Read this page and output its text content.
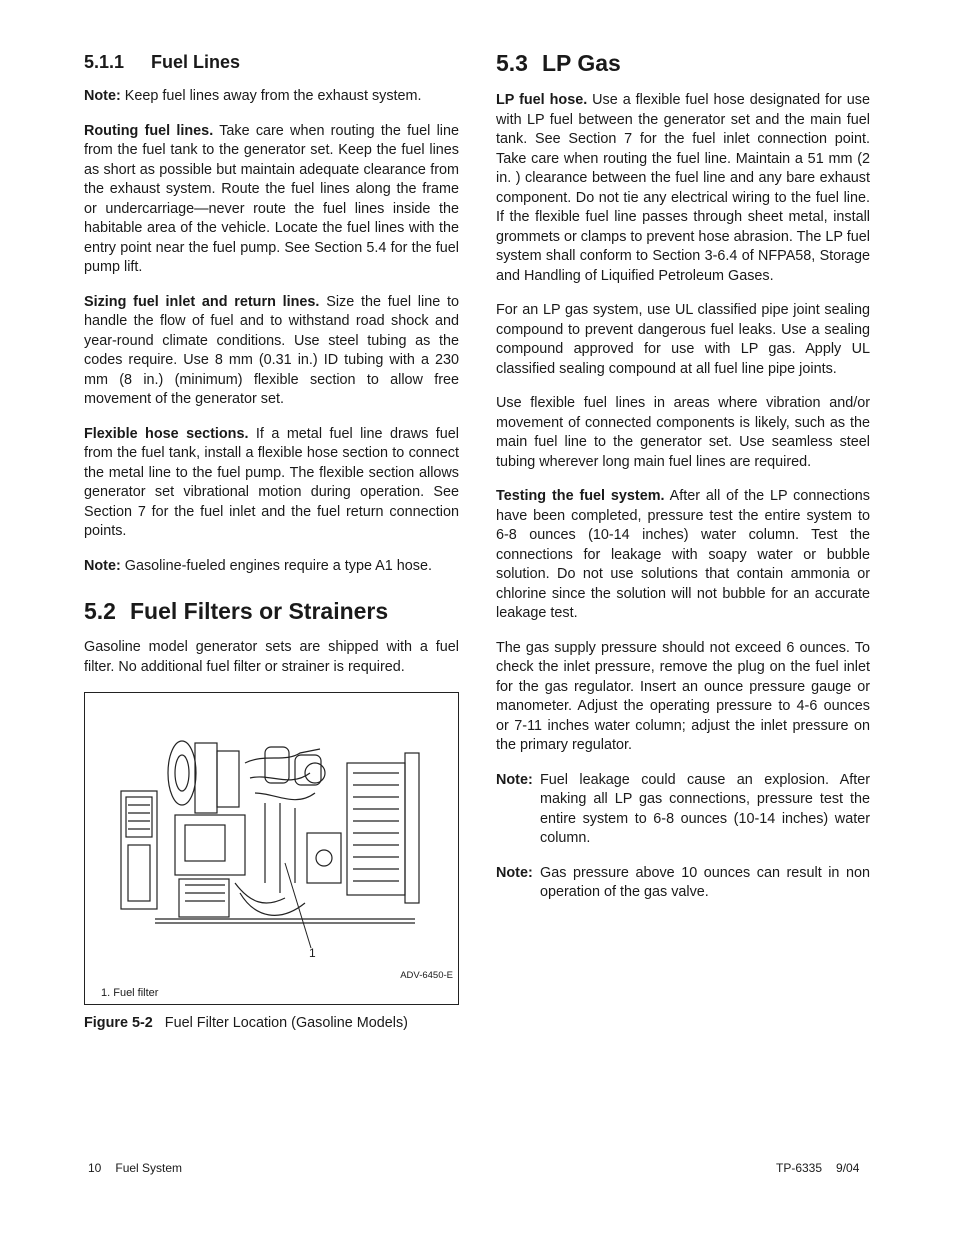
5.1.1 Fuel Lines
Note: Keep fuel lines away from the exhaust system.
Routing fuel lines. Take care when routing the fuel line from the fuel tank to the generator set. Keep the fuel lines as short as possible but maintain adequate clearance from the exhaust system. Route the fuel lines along the frame or undercarriage—never route the fuel lines inside the habitable area of the vehicle. Locate the fuel lines with the entry point near the fuel pump. See Section 5.4 for the fuel pump lift.
Sizing fuel inlet and return lines. Size the fuel line to handle the flow of fuel and to withstand road shock and year-round climate conditions. Use steel tubing as the codes require. Use 8 mm (0.31 in.) ID tubing with a 230 mm (8 in.) (minimum) flexible section to allow free movement of the generator set.
Flexible hose sections. If a metal fuel line draws fuel from the fuel tank, install a flexible hose section to connect the metal line to the fuel pump. The flexible section allows generator set vibrational motion during operation. See Section 7 for the fuel inlet and the fuel return connection points.
Note: Gasoline-fueled engines require a type A1 hose.
5.2 Fuel Filters or Strainers
Gasoline model generator sets are shipped with a fuel filter. No additional fuel filter or strainer is required.
1
ADV-6450-E
1. Fuel filter
Figure 5-2 Fuel Filter Location (Gasoline Models)
5.3 LP Gas
LP fuel hose. Use a flexible fuel hose designated for use with LP fuel between the generator set and the main fuel tank. See Section 7 for the fuel inlet connection point. Take care when routing the fuel line. Maintain a 51 mm (2 in. ) clearance between the fuel line and any bare exhaust component. Do not tie any electrical wiring to the fuel line. If the flexible fuel line passes through sheet metal, install grommets or clamps to prevent hose abrasion. The LP fuel system shall conform to Section 3-6.4 of NFPA58, Storage and Handling of Liquified Petroleum Gases.
For an LP gas system, use UL classified pipe joint sealing compound to prevent dangerous fuel leaks. Use a sealing compound approved for use with LP gas. Apply UL classified sealing compound at all fuel line pipe joints.
Use flexible fuel lines in areas where vibration and/or movement of connected components is likely, such as the main fuel line to the generator set. Use seamless steel tubing wherever long main fuel lines are required.
Testing the fuel system. After all of the LP connections have been completed, pressure test the entire system to 6-8 ounces (10-14 inches) water column. Test the connections for leakage with soapy water or bubble solution. Do not use solutions that contain ammonia or chlorine since the solution will not bubble for an accurate leakage test.
The gas supply pressure should not exceed 6 ounces. To check the inlet pressure, remove the plug on the fuel inlet for the gas regulator. Insert an ounce pressure gauge or manometer. Adjust the operating pressure to 4-6 ounces or 7-11 inches water column; adjust the inlet pressure on the primary regulator.
Note: Fuel leakage could cause an explosion. After making all LP gas connections, pressure test the entire system to 6-8 ounces (10-14 inches) water column.
Note: Gas pressure above 10 ounces can result in non operation of the gas valve.
10 Fuel System	TP-6335 9/04
